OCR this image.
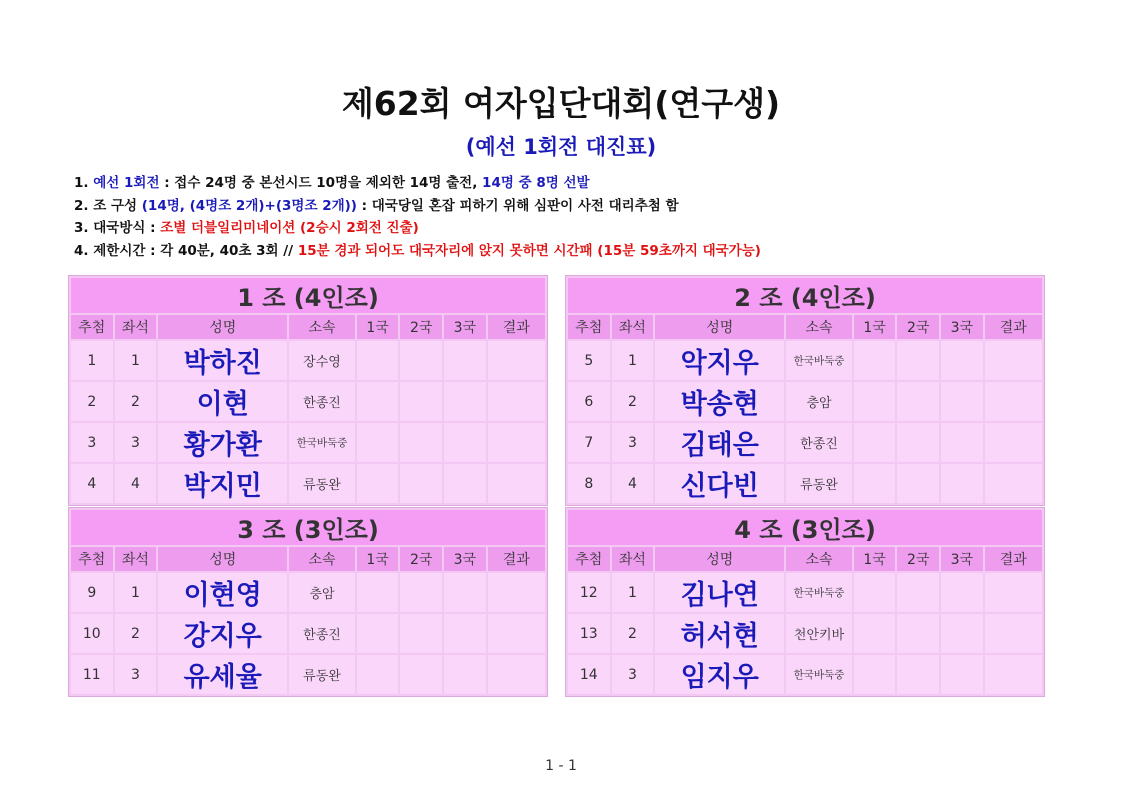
제62회 여자입단대회(연구생)
(예선 1회전 대진표)
1. 예선 1회전 : 접수 24명 중 본선시드 10명을 제외한 14명 출전, 14명 중 8명 선발
2. 조 구성 (14명, (4명조 2개)+(3명조 2개)) : 대국당일 혼잡 피하기 위해 심판이 사전 대리추첨 함
3. 대국방식 : 조별 더블일리미네이션 (2승시 2회전 진출)
4. 제한시간 : 각 40분, 40초 3회 // 15분 경과 되어도 대국자리에 앉지 못하면 시간패 (15분 59초까지 대국가능)
1 조 (4인조)							
추첨	좌석	성명	소속	1국	2국	3국	결과
1	1	박하진	장수영				
2	2	이현	한종진				
3	3	황가환	한국바둑중				
4	4	박지민	류동완				
2 조 (4인조)							
추첨	좌석	성명	소속	1국	2국	3국	결과
5	1	악지우	한국바둑중				
6	2	박송현	충암				
7	3	김태은	한종진				
8	4	신다빈	류동완				
3 조 (3인조)							
추첨	좌석	성명	소속	1국	2국	3국	결과
9	1	이현영	충암				
10	2	강지우	한종진				
11	3	유세율	류동완				
4 조 (3인조)							
추첨	좌석	성명	소속	1국	2국	3국	결과
12	1	김나연	한국바둑중				
13	2	허서현	천안키바				
14	3	임지우	한국바둑중				
1 - 1
